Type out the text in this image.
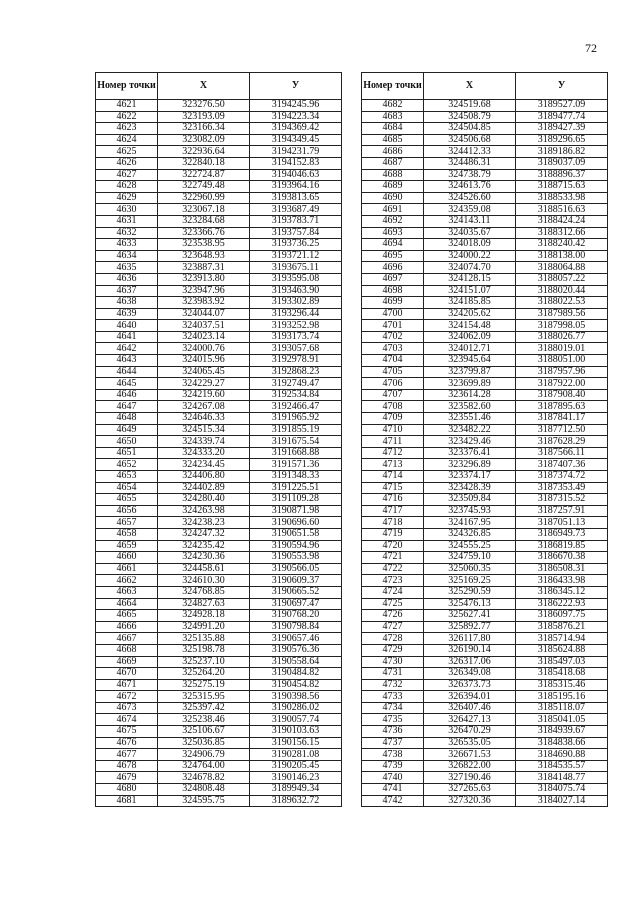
72
Номер точки	X	У
4621	323276.50	3194245.96
4622	323193.09	3194223.34
4623	323166.34	3194369.42
4624	323082.09	3194349.45
4625	322936.64	3194231.79
4626	322840.18	3194152.83
4627	322724.87	3194046.63
4628	322749.48	3193964.16
4629	322960.99	3193813.65
4630	323067.18	3193687.49
4631	323284.68	3193783.71
4632	323366.76	3193757.84
4633	323538.95	3193736.25
4634	323648.93	3193721.12
4635	323887.31	3193675.11
4636	323913.80	3193595.08
4637	323947.96	3193463.90
4638	323983.92	3193302.89
4639	324044.07	3193296.44
4640	324037.51	3193252.98
4641	324023.14	3193173.74
4642	324000.76	3193057.68
4643	324015.96	3192978.91
4644	324065.45	3192868.23
4645	324229.27	3192749.47
4646	324219.60	3192534.84
4647	324267.08	3192466.47
4648	324646.33	3191965.92
4649	324515.34	3191855.19
4650	324339.74	3191675.54
4651	324333.20	3191668.88
4652	324234.45	3191571.36
4653	324406.80	3191348.33
4654	324402.89	3191225.51
4655	324280.40	3191109.28
4656	324263.98	3190871.98
4657	324238.23	3190696.60
4658	324247.32	3190651.58
4659	324235.42	3190594.96
4660	324230.36	3190553.98
4661	324458.61	3190566.05
4662	324610.30	3190609.37
4663	324768.85	3190665.52
4664	324827.63	3190697.47
4665	324928.18	3190768.20
4666	324991.20	3190798.84
4667	325135.88	3190657.46
4668	325198.78	3190576.36
4669	325237.10	3190558.64
4670	325264.20	3190484.82
4671	325275.19	3190454.82
4672	325315.95	3190398.56
4673	325397.42	3190286.02
4674	325238.46	3190057.74
4675	325106.67	3190103.63
4676	325036.85	3190156.15
4677	324906.79	3190281.08
4678	324764.00	3190205.45
4679	324678.82	3190146.23
4680	324808.48	3189949.34
4681	324595.75	3189632.72
Номер точки	X	У
4682	324519.68	3189527.09
4683	324508.79	3189477.74
4684	324504.85	3189427.39
4685	324506.68	3189296.65
4686	324412.33	3189186.82
4687	324486.31	3189037.09
4688	324738.79	3188896.37
4689	324613.76	3188715.63
4690	324526.60	3188533.98
4691	324359.08	3188516.63
4692	324143.11	3188424.24
4693	324035.67	3188312.66
4694	324018.09	3188240.42
4695	324000.22	3188138.00
4696	324074.70	3188064.88
4697	324128.15	3188057.22
4698	324151.07	3188020.44
4699	324185.85	3188022.53
4700	324205.62	3187989.56
4701	324154.48	3187998.05
4702	324062.09	3188026.77
4703	324012.71	3188019.01
4704	323945.64	3188051.00
4705	323799.87	3187957.96
4706	323699.89	3187922.00
4707	323614.28	3187908.40
4708	323582.60	3187895.63
4709	323551.46	3187841.17
4710	323482.22	3187712.50
4711	323429.46	3187628.29
4712	323376.41	3187566.11
4713	323296.89	3187407.36
4714	323374.17	3187374.72
4715	323428.39	3187353.49
4716	323509.84	3187315.52
4717	323745.93	3187257.91
4718	324167.95	3187051.13
4719	324326.85	3186949.73
4720	324555.25	3186819.85
4721	324759.10	3186670.38
4722	325060.35	3186508.31
4723	325169.25	3186433.98
4724	325290.59	3186345.12
4725	325476.13	3186222.93
4726	325627.41	3186097.75
4727	325892.77	3185876.21
4728	326117.80	3185714.94
4729	326190.14	3185624.88
4730	326317.06	3185497.03
4731	326349.08	3185418.68
4732	326373.73	3185315.46
4733	326394.01	3185195.16
4734	326407.46	3185118.07
4735	326427.13	3185041.05
4736	326470.29	3184939.67
4737	326535.05	3184838.66
4738	326671.53	3184690.88
4739	326822.00	3184535.57
4740	327190.46	3184148.77
4741	327265.63	3184075.74
4742	327320.36	3184027.14
